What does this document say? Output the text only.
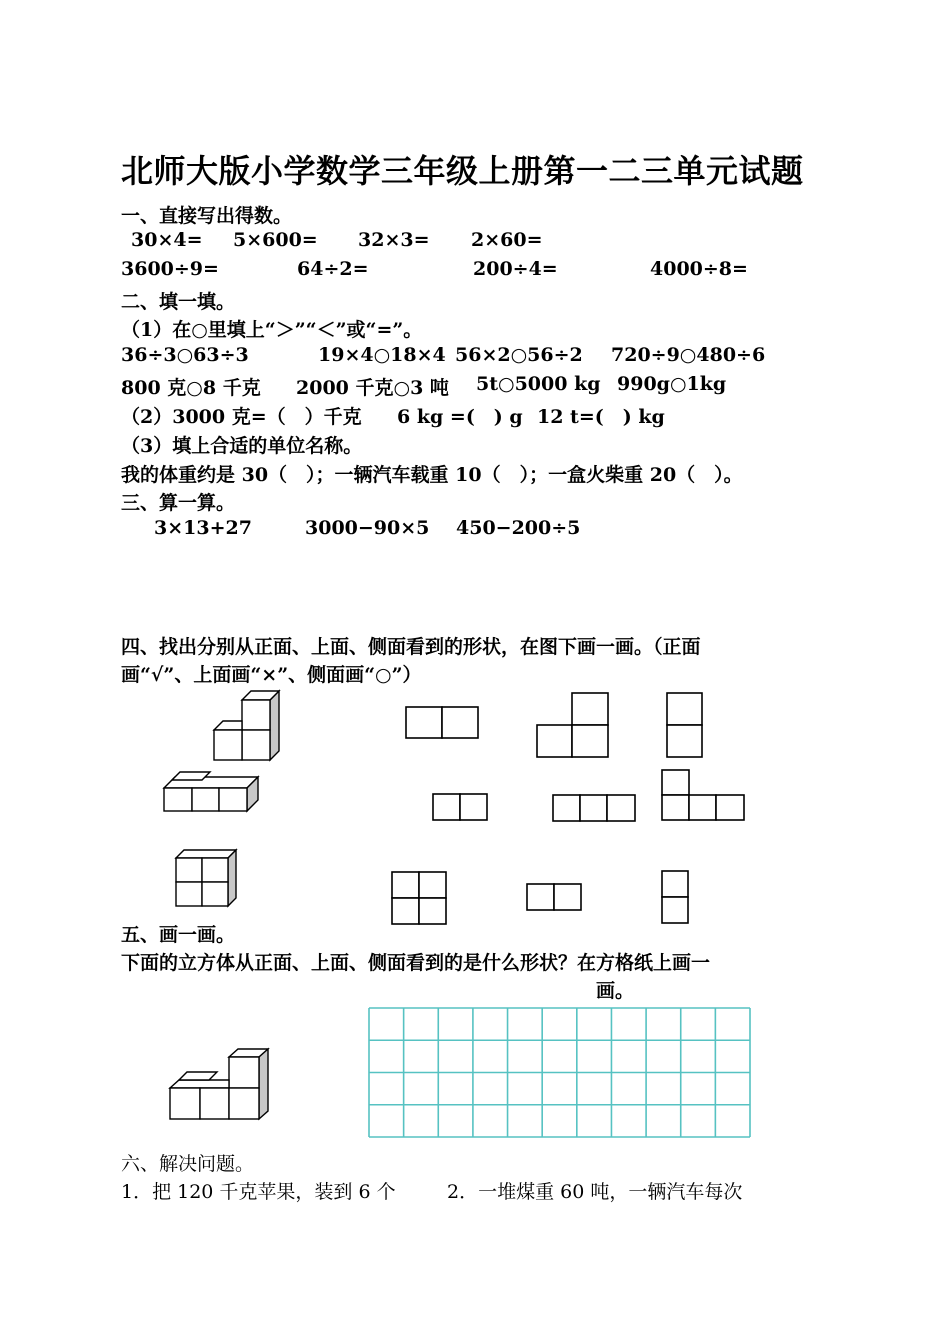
北师大版小学数学三年级上册第一二三单元试题
一、直接写出得数。
30×4= 5×600= 32×3= 2×60=
3600÷9=	64÷2=	200÷4=	4000÷8=
二、填一填。
（1）在○里填上“＞”“＜”或“=”。
36÷3○63÷3	19×4○18×4 56×2○56÷2 720÷9○480÷6
800 克○8 千克 2000 千克○3 吨 5t○5000 kg 990g○1kg
（2）3000 克=（　）千克 6 kg =(　) g 12 t=(　) kg
（3）填上合适的单位名称。
我的体重约是 30（　）；一辆汽车载重 10（　）；一盒火柴重 20（　）。
三、算一算。
3×13+27	3000−90×5 450−200÷5
四、找出分别从正面、上面、侧面看到的形状，在图下画一画。（正面
画“√”、上面画“×”、侧面画“○”）
五、画一画。
下面的立方体从正面、上面、侧面看到的是什么形状？在方格纸上画一
画。
六、解决问题。
1．把 120 千克苹果，装到 6 个	2．一堆煤重 60 吨，一辆汽车每次
